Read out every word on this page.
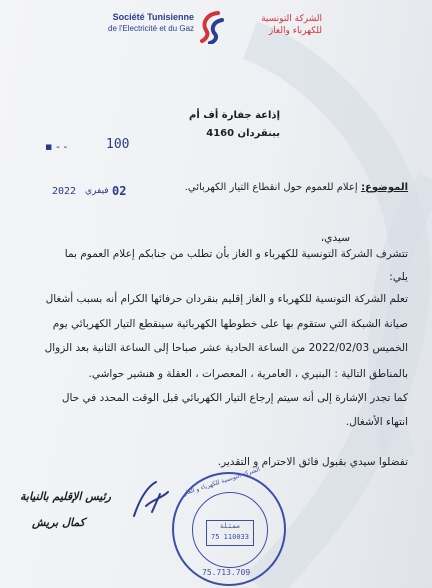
Société Tunisienne
de l'Electricité et du Gaz
الشركة التونسية
للكهرباء والغاز
إذاعة جفارة أف أم
ببنقردان 4160
▪ ‑ ‑	100
2022 فيفري 02	الموضوع: إعلام للعموم حول انقطاع التيار الكهربائي.
سيدي،
تتشرف الشركة التونسية للكهرباء و الغاز بأن تطلب من جنابكم إعلام العموم بما
يلي:
تعلم الشركة التونسية للكهرباء و الغاز إقليم بنقردان حرفائها الكرام أنه بسبب أشغال
صيانة الشبكة التي ستقوم بها على خطوطها الكهربائية سينقطع التيار الكهربائي يوم
الخميس 2022/02/03 من الساعة الحادية عشر صباحا إلى الساعة الثانية بعد الزوال
بالمناطق التالية : البنيري ، العامرية ، المعصرات ، العقلة و هنشير حواشي.
كما تجدر الإشارة إلى أنه سيتم إرجاع التيار الكهربائي قبل الوقت المحدد في حال
انتهاء الأشغال.
تفضلوا سيدي بقبول فائق الاحترام و التقدير.
رئيس الإقليم بالنيابة
كمال بريش
الشركة التونسية للكهرباء و الغاز
ممثلة
75 110033
75.713.709
